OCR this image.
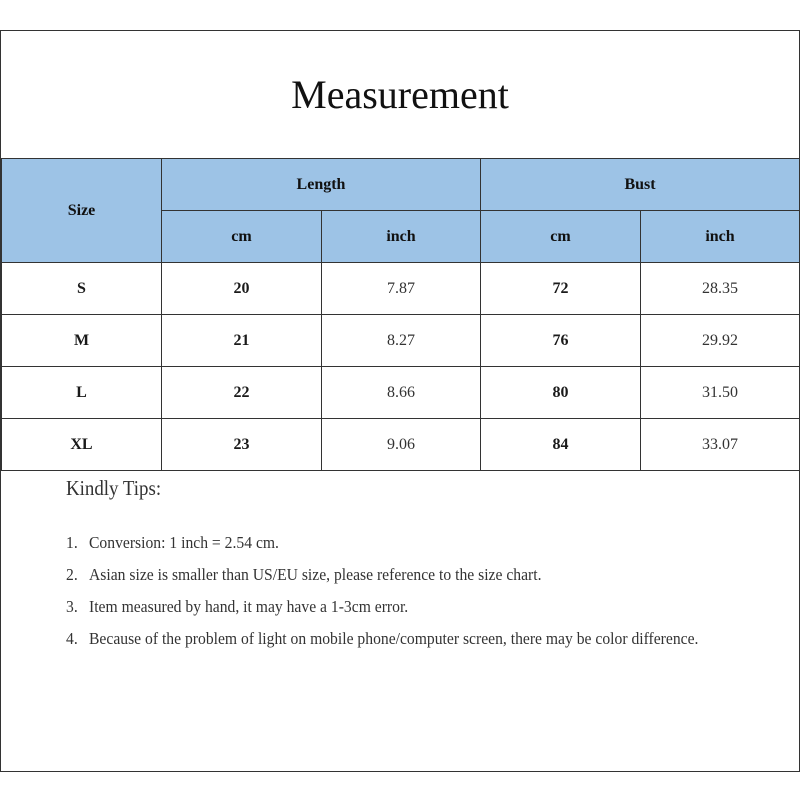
Measurement
Size	Length		Bust	
	cm	inch	cm	inch
S	20	7.87	72	28.35
M	21	8.27	76	29.92
L	22	8.66	80	31.50
XL	23	9.06	84	33.07
Kindly Tips:
1. Conversion: 1 inch = 2.54 cm.
2. Asian size is smaller than US/EU size, please reference to the size chart.
3. Item measured by hand, it may have a 1-3cm error.
4. Because of the problem of light on mobile phone/computer screen, there may be color difference.
